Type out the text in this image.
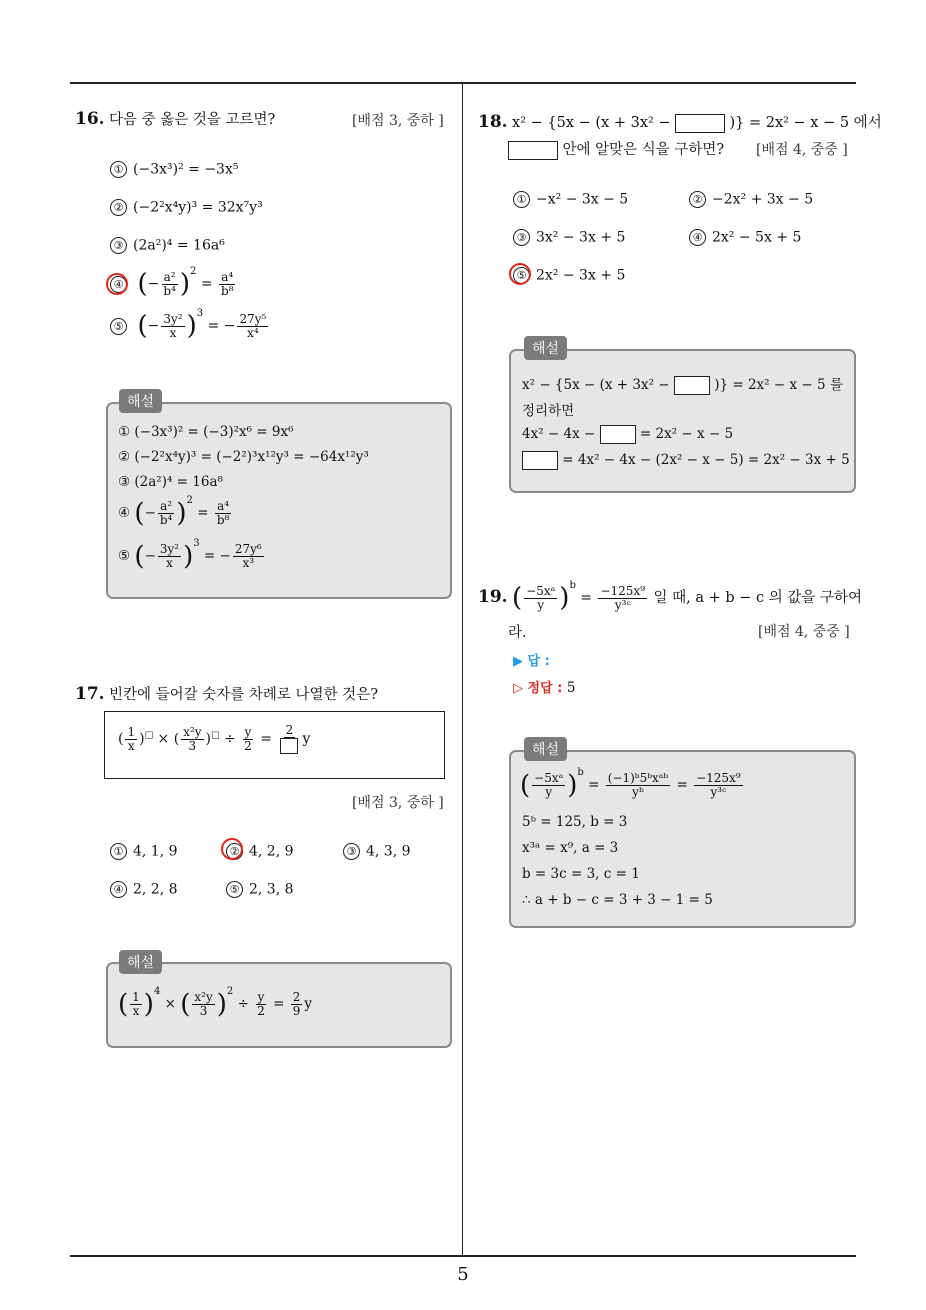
16. 다음 중 옳은 것을 고르면?	[배점 3, 중하 ]
① (−3x³)² = −3x⁵
② (−2²x⁴y)³ = 32x⁷y³
③ (2a²)⁴ = 16a⁶
④ (− $\frac{\text{a²}}{\text{b⁴}} )^2 = \frac{\text{a⁴}}{\text{b⁸}}$
⑤ (− $\frac{\text{3y²}}{x} )^3$ = − $\frac{\text{27y⁵}}{\text{x⁴}}$
해설
① (−3x³)² = (−3)²x⁶ = 9x⁶
② (−2²x⁴y)³ = (−2²)³x¹²y³ = −64x¹²y³
③ (2a²)⁴ = 16a⁸
④ (− $\frac{\text{a²}}{\text{b⁴}} )^2 = \frac{\text{a⁴}}{\text{b⁸}}$
⑤ (− $\frac{\text{3y²}}{x} )^3$ = − $\frac{\text{27y⁶}}{\text{x³}}$
17. 빈칸에 들어갈 숫자를 차례로 나열한 것은?
( $\frac{1}{x} )^□$ × ( $\frac{\text{x²y}}{3} )^□ \div \frac{y}{2}$ =
2
y
[배점 3, 중하 ]
① 4, 1, 9	② 4, 2, 9	③ 4, 3, 9
④ 2, 2, 8	⑤ 2, 3, 8
해설
( $\frac{1}{x} )^4$ × ( $\frac{\text{x²y}}{3} )^2 \div \frac{y}{2} = \frac{2}{9}$ y
18. x² − {5x − (x + 3x² −	)} = 2x² − x − 5 에서
안에 알맞은 식을 구하면? [배점 4, 중중 ]
① −x² − 3x − 5	② −2x² + 3x − 5
③ 3x² − 3x + 5	④ 2x² − 5x + 5
⑤ 2x² − 3x + 5
해설
x² − {5x − (x + 3x² −	)} = 2x² − x − 5 를
정리하면
4x² − 4x −	= 2x² − x − 5
= 4x² − 4x − (2x² − x − 5) = 2x² − 3x + 5
19. ( $\frac{\text{−5xᵃ}}{y} )^b = \frac{\text{−125x⁹}}{\text{y³ᶜ}}$ 일 때, a + b − c 의 값을 구하여
라.	[배점 4, 중중 ]
▶ 답 :
▷ 정답 : 5
해설
( $\frac{\text{−5xᵃ}}{y} )^b = \frac{\text{(−1)ᵇ5ᵇxᵃᵇ}}{\text{yᵇ}} = \frac{\text{−125x⁹}}{\text{y³ᶜ}}$
5ᵇ = 125, b = 3
x³ᵃ = x⁹, a = 3
b = 3c = 3, c = 1
∴ a + b − c = 3 + 3 − 1 = 5
5
